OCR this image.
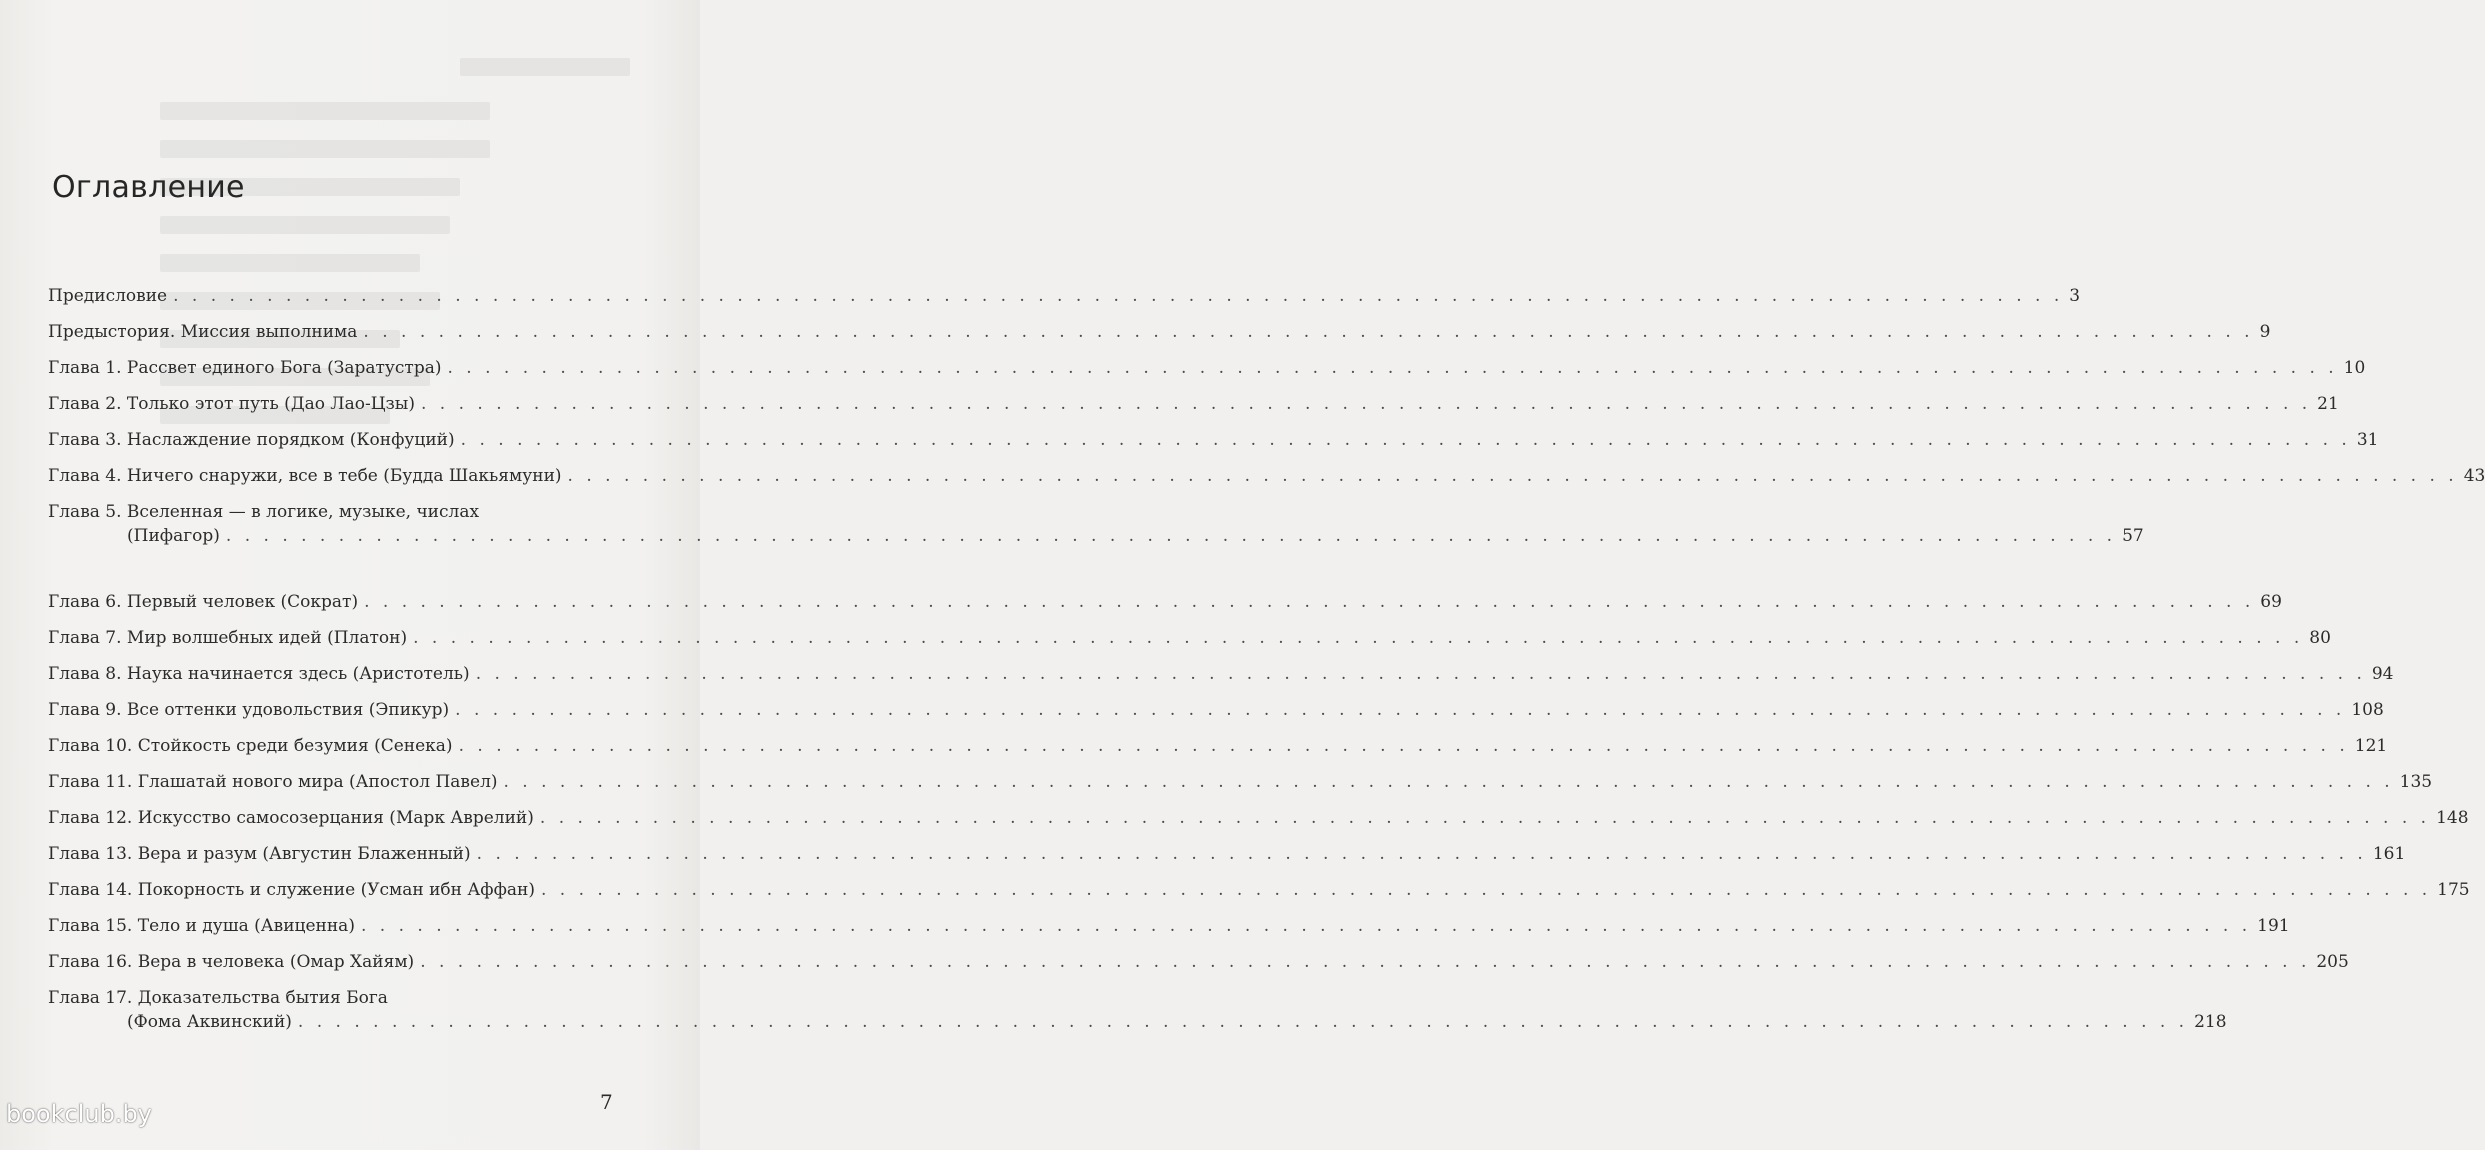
Оглавление
Предисловие . . .	3
Предыстория. Миссия выполнима . . .	9
Глава 1. Рассвет единого Бога (Заратустра) . . .	10
Глава 2. Только этот путь (Дао Лао-Цзы) . . .	21
Глава 3. Наслаждение порядком (Конфуций) . . .	31
Глава 4. Ничего снаружи, все в тебе (Будда Шакьямуни) . . .	43
Глава 5. Вселенная — в логике, музыке, числах
(Пифагор) . . .	57
Глава 6. Первый человек (Сократ) . . .	69
Глава 7. Мир волшебных идей (Платон) . . .	80
Глава 8. Наука начинается здесь (Аристотель) . . .	94
Глава 9. Все оттенки удовольствия (Эпикур) . . .	108
Глава 10. Стойкость среди безумия (Сенека) . . .	121
Глава 11. Глашатай нового мира (Апостол Павел) . . .	135
Глава 12. Искусство самосозерцания (Марк Аврелий) . . .	148
Глава 13. Вера и разум (Августин Блаженный) . . .	161
Глава 14. Покорность и служение (Усман ибн Аффан) . . .	175
Глава 15. Тело и душа (Авиценна) . . .	191
Глава 16. Вера в человека (Омар Хайям) . . .	205
Глава 17. Доказательства бытия Бога
(Фома Аквинский) . . .	218
7
bookclub.by
